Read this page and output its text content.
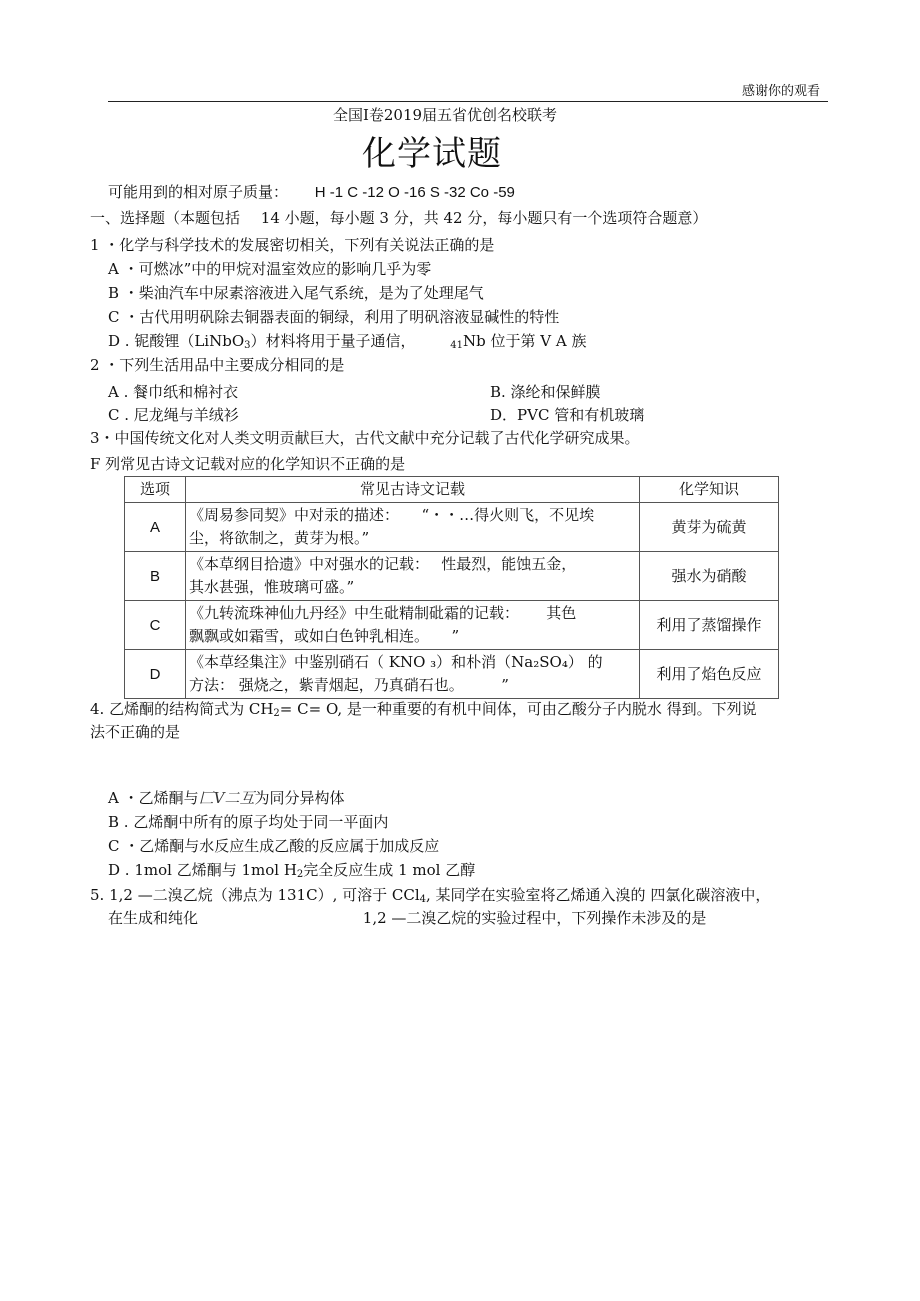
感谢你的观看
全国Ⅰ卷2019届五省优创名校联考
化学试题
可能用到的相对原子质量： H -1 C -12 O -16 S -32 Co -59
一、选择题（本题包括 14 小题，每小题 3 分，共 42 分，每小题只有一个选项符合题意）
1 ・化学与科学技术的发展密切相关，下列有关说法正确的是
A ・可燃冰”中的甲烷对温室效应的影响几乎为零
B ・柴油汽车中尿素溶液进入尾气系统，是为了处理尾气
C ・古代用明矾除去铜器表面的铜绿，利用了明矾溶液显碱性的特性
D . 铌酸锂（LiNbO$_3$）材料将用于量子通信，	$_{41}$Nb 位于第 V A 族
2 ・下列生活用品中主要成分相同的是
A . 餐巾纸和棉衬衣	B. 涤纶和保鲜膜
C . 尼龙绳与羊绒衫	D．PVC 管和有机玻璃
3・中国传统文化对人类文明贡献巨大，古代文献中充分记载了古代化学研究成果。
F 列常见古诗文记载对应的化学知识不正确的是
选项	常见古诗文记载	化学知识
A	《周易参同契》中对汞的描述：　　“・・…得火则飞，不见埃
尘，将欲制之，黄芽为根。”	黄芽为硫黄
B	《本草纲目拾遗》中对强水的记载：　 性最烈，能蚀五金，
其水甚强，惟玻璃可盛。”	强水为硝酸
C	《九转流珠神仙九丹经》中生砒精制砒霜的记载：　　 其色
飘飘或如霜雪，或如白色钟乳相连。　　”	利用了蒸馏操作
D	《本草经集注》中鉴别硝石（ KNO ₃）和朴消（Na₂SO₄） 的
方法： 强烧之，紫青烟起，乃真硝石也。　　　”	利用了焰色反应
4. 乙烯酮的结构简式为 $CH_2= C= O$, 是一种重要的有机中间体，可由乙酸分子内脱水 得到。下列说
法不正确的是
A ・乙烯酮与匚V二互为同分异构体
B . 乙烯酮中所有的原子均处于同一平面内
C ・乙烯酮与水反应生成乙酸的反应属于加成反应
D . 1mol 乙烯酮与 1mol $H_2$完全反应生成 1 mol 乙醇
5. 1,2 —二溴乙烷（沸点为 131C）, 可溶于 CCl$_4$, 某同学在实验室将乙烯通入溴的 四氯化碳溶液中，
在生成和纯化	1,2 —二溴乙烷的实验过程中，下列操作未涉及的是
